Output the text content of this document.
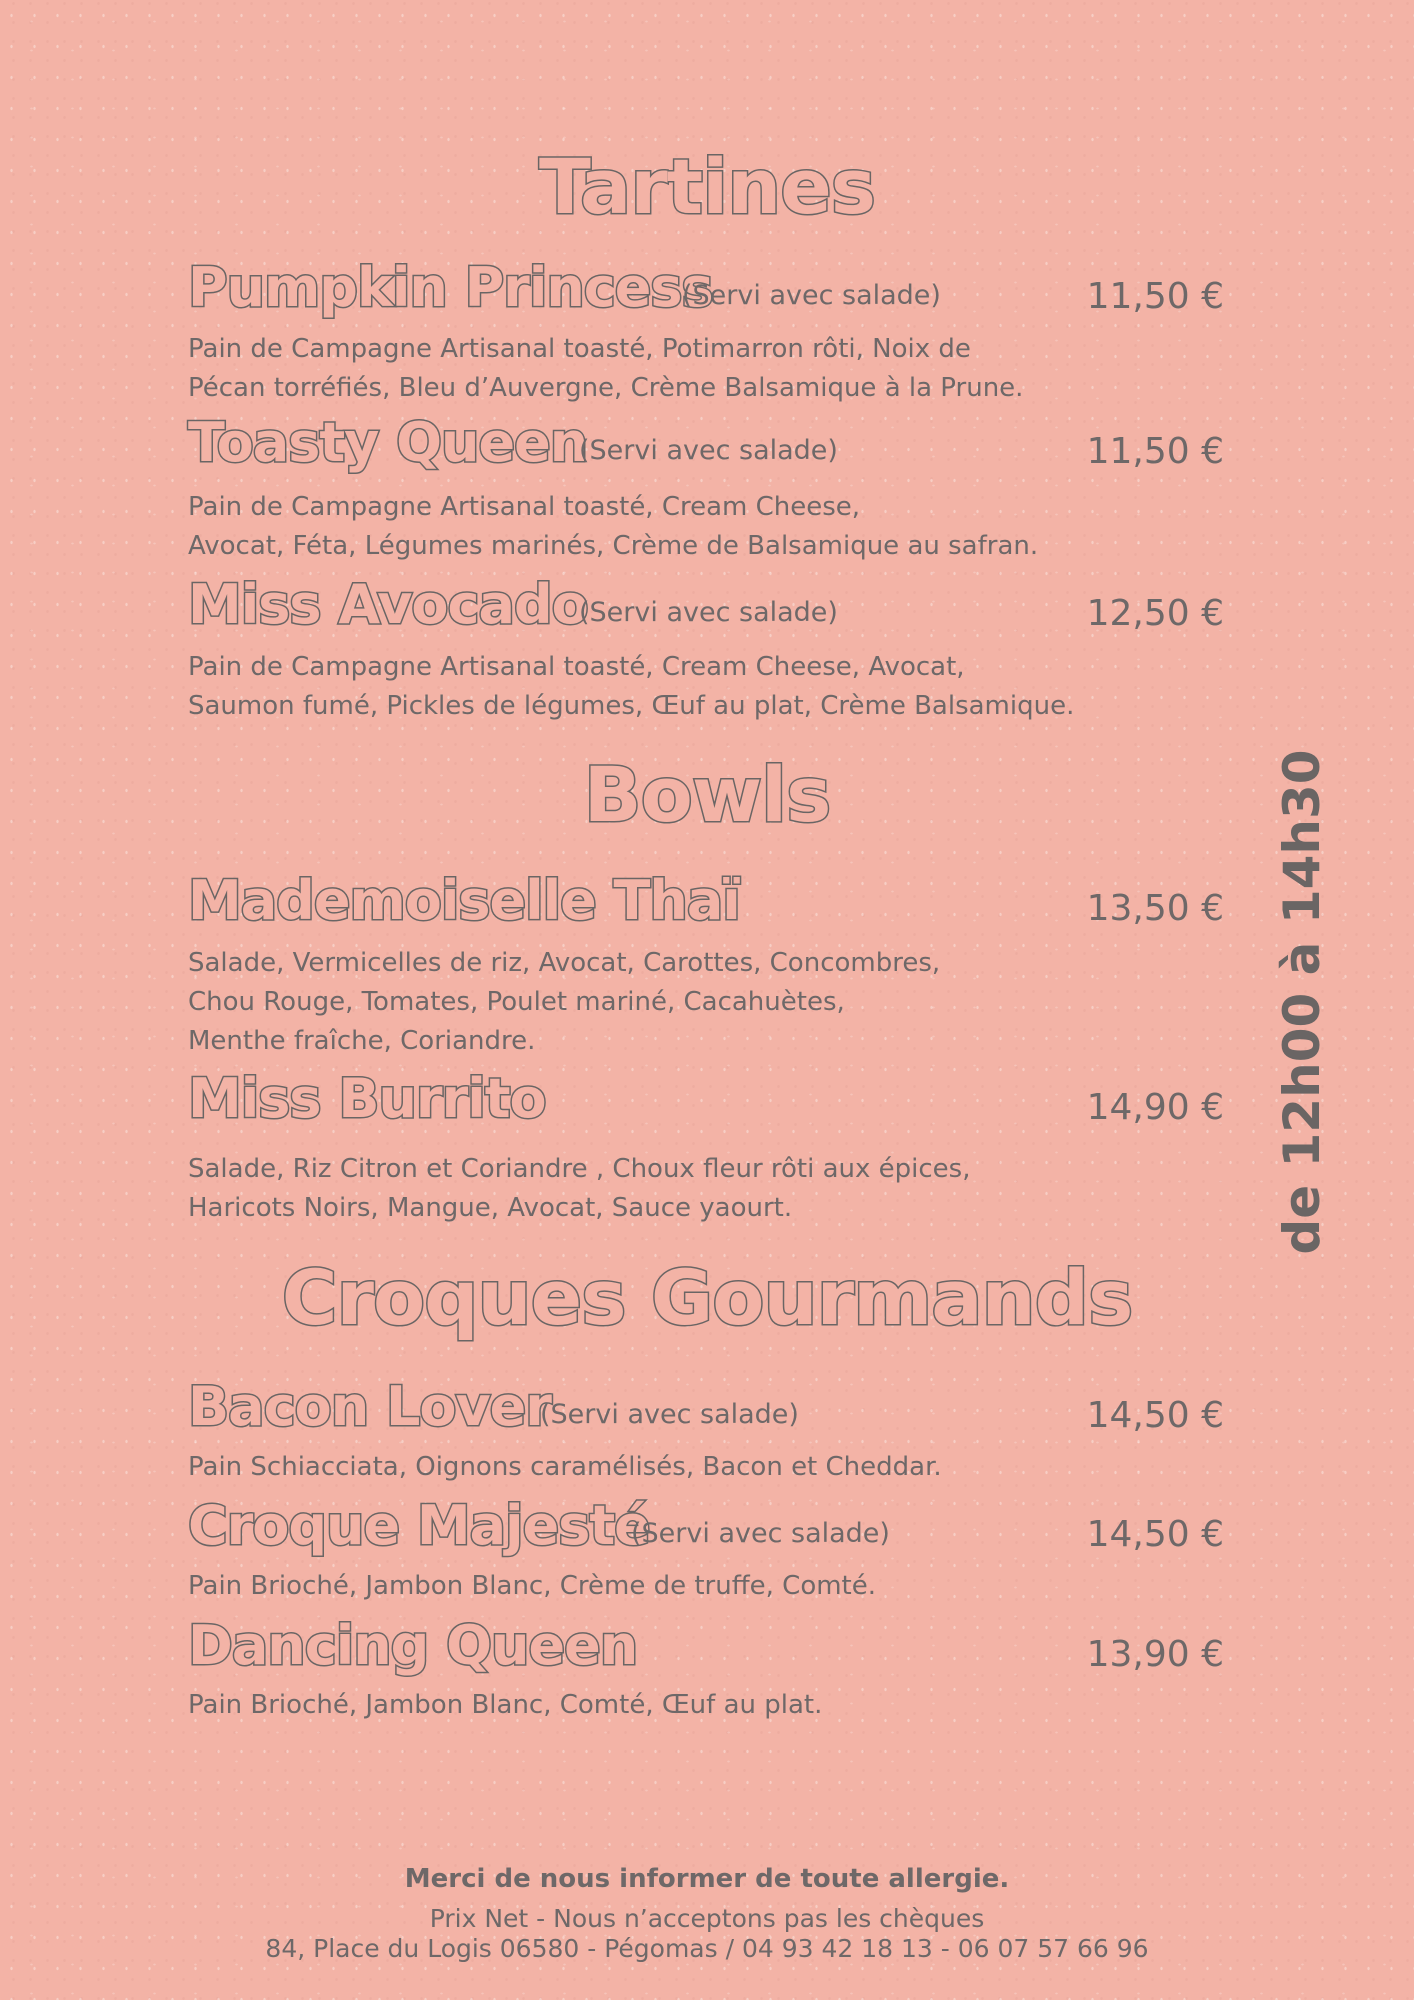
Tartines
Pumpkin Princess
(Servi avec salade)	11,50 €
Pain de Campagne Artisanal toasté, Potimarron rôti, Noix de
Pécan torréfiés, Bleu d’Auvergne, Crème Balsamique à la Prune.
Toasty Queen
(Servi avec salade)	11,50 €
Pain de Campagne Artisanal toasté, Cream Cheese,
Avocat, Féta, Légumes marinés, Crème de Balsamique au safran.
Miss Avocado
(Servi avec salade)	12,50 €
Pain de Campagne Artisanal toasté, Cream Cheese, Avocat,
Saumon fumé, Pickles de légumes, Œuf au plat, Crème Balsamique.
Bowls
Mademoiselle Thaï	13,50 €
Salade, Vermicelles de riz, Avocat, Carottes, Concombres,
Chou Rouge, Tomates, Poulet mariné, Cacahuètes,
Menthe fraîche, Coriandre.
Miss Burrito	14,90 €
Salade, Riz Citron et Coriandre , Choux fleur rôti aux épices,
Haricots Noirs, Mangue, Avocat, Sauce yaourt.
Croques Gourmands
Bacon Lover
(Servi avec salade)	14,50 €
Pain Schiacciata, Oignons caramélisés, Bacon et Cheddar.
Croque Majesté
(Servi avec salade)	14,50 €
Pain Brioché, Jambon Blanc, Crème de truffe, Comté.
Dancing Queen	13,90 €
Pain Brioché, Jambon Blanc, Comté, Œuf au plat.
de 12h00 à 14h30
Merci de nous informer de toute allergie.
Prix Net - Nous n’acceptons pas les chèques
84, Place du Logis 06580 - Pégomas / 04 93 42 18 13 - 06 07 57 66 96
